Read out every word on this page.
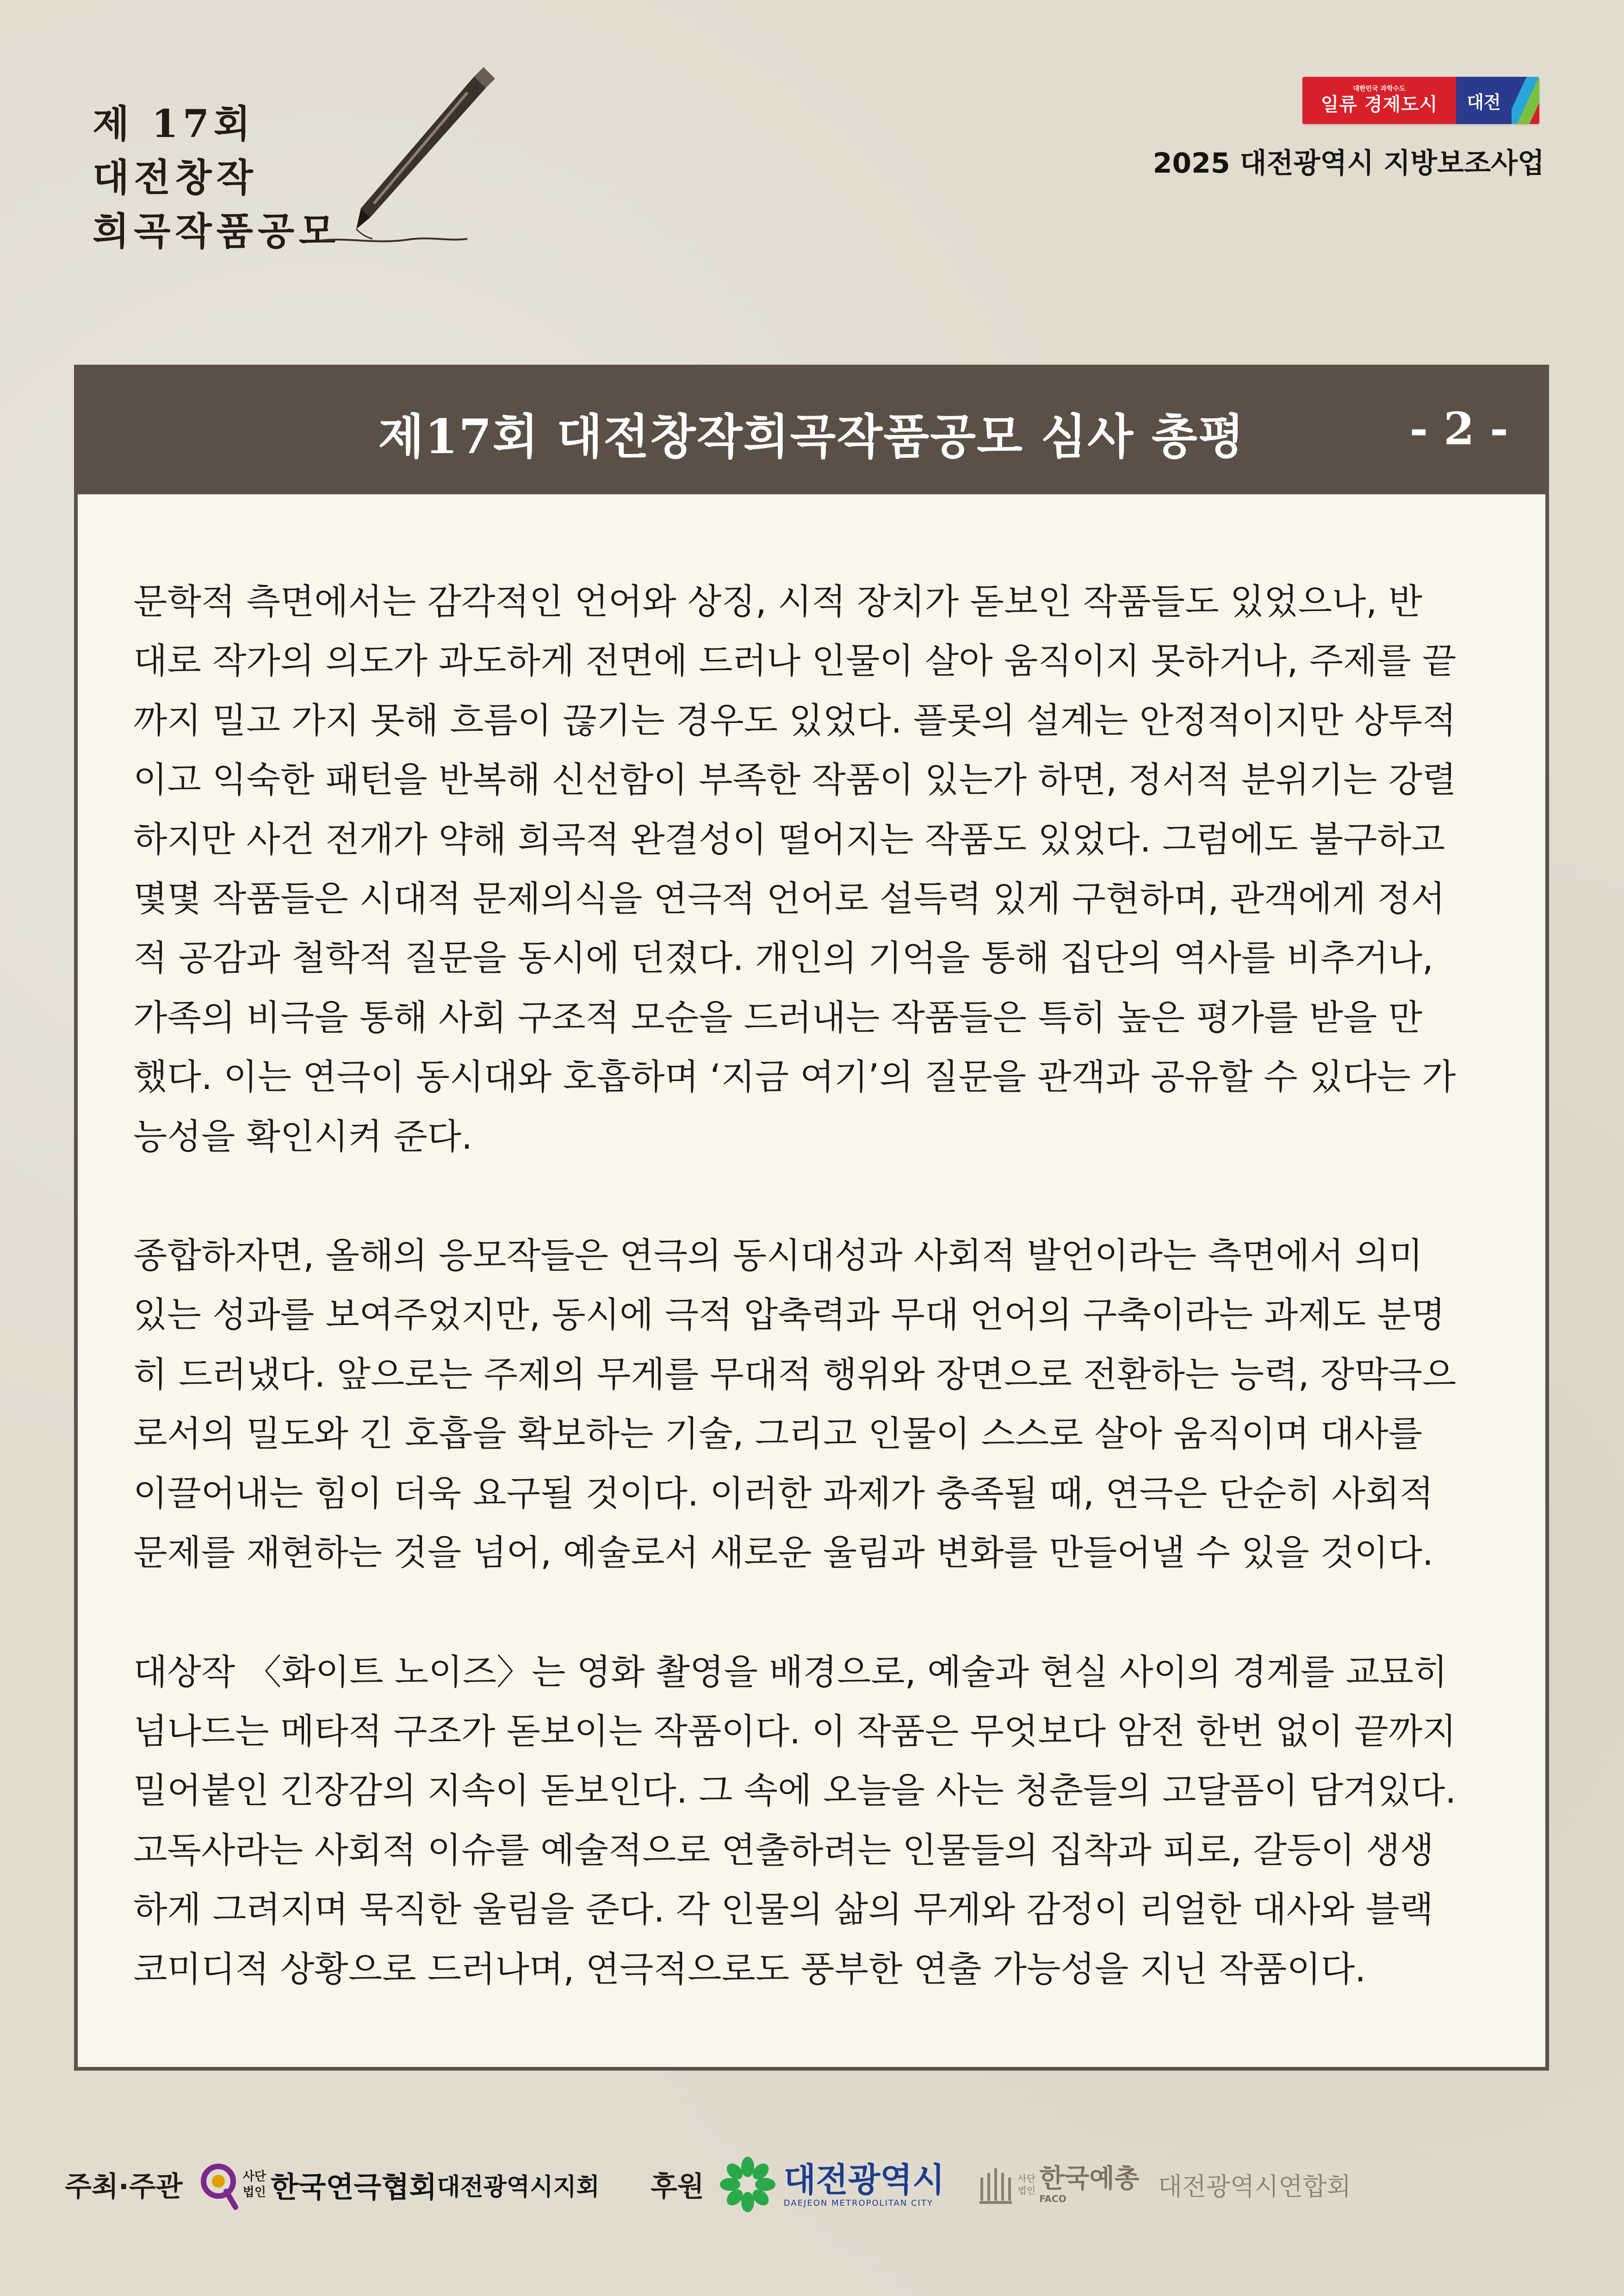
제 17회
대전창작
희곡작품공모
대한민국 과학수도
일류 경제도시	대전
2025 대전광역시 지방보조사업
제17회 대전창작희곡작품공모 심사 총평	- 2 -
문학적 측면에서는 감각적인 언어와 상징, 시적 장치가 돋보인 작품들도 있었으나, 반
대로 작가의 의도가 과도하게 전면에 드러나 인물이 살아 움직이지 못하거나, 주제를 끝
까지 밀고 가지 못해 흐름이 끊기는 경우도 있었다. 플롯의 설계는 안정적이지만 상투적
이고 익숙한 패턴을 반복해 신선함이 부족한 작품이 있는가 하면, 정서적 분위기는 강렬
하지만 사건 전개가 약해 희곡적 완결성이 떨어지는 작품도 있었다. 그럼에도 불구하고
몇몇 작품들은 시대적 문제의식을 연극적 언어로 설득력 있게 구현하며, 관객에게 정서
적 공감과 철학적 질문을 동시에 던졌다. 개인의 기억을 통해 집단의 역사를 비추거나,
가족의 비극을 통해 사회 구조적 모순을 드러내는 작품들은 특히 높은 평가를 받을 만
했다. 이는 연극이 동시대와 호흡하며 ‘지금 여기’의 질문을 관객과 공유할 수 있다는 가
능성을 확인시켜 준다.
종합하자면, 올해의 응모작들은 연극의 동시대성과 사회적 발언이라는 측면에서 의미
있는 성과를 보여주었지만, 동시에 극적 압축력과 무대 언어의 구축이라는 과제도 분명
히 드러냈다. 앞으로는 주제의 무게를 무대적 행위와 장면으로 전환하는 능력, 장막극으
로서의 밀도와 긴 호흡을 확보하는 기술, 그리고 인물이 스스로 살아 움직이며 대사를
이끌어내는 힘이 더욱 요구될 것이다. 이러한 과제가 충족될 때, 연극은 단순히 사회적
문제를 재현하는 것을 넘어, 예술로서 새로운 울림과 변화를 만들어낼 수 있을 것이다.
대상작 〈화이트 노이즈〉는 영화 촬영을 배경으로, 예술과 현실 사이의 경계를 교묘히
넘나드는 메타적 구조가 돋보이는 작품이다. 이 작품은 무엇보다 암전 한번 없이 끝까지
밀어붙인 긴장감의 지속이 돋보인다. 그 속에 오늘을 사는 청춘들의 고달픔이 담겨있다.
고독사라는 사회적 이슈를 예술적으로 연출하려는 인물들의 집착과 피로, 갈등이 생생
하게 그려지며 묵직한 울림을 준다. 각 인물의 삶의 무게와 감정이 리얼한 대사와 블랙
코미디적 상황으로 드러나며, 연극적으로도 풍부한 연출 가능성을 지닌 작품이다.
주최·주관	사단
법인 한국연극협회 대전광역시지회 후원 대전광역시
DAEJEON METROPOLITAN CITY
사단
법인 한국예총
FACO	대전광역시연합회
